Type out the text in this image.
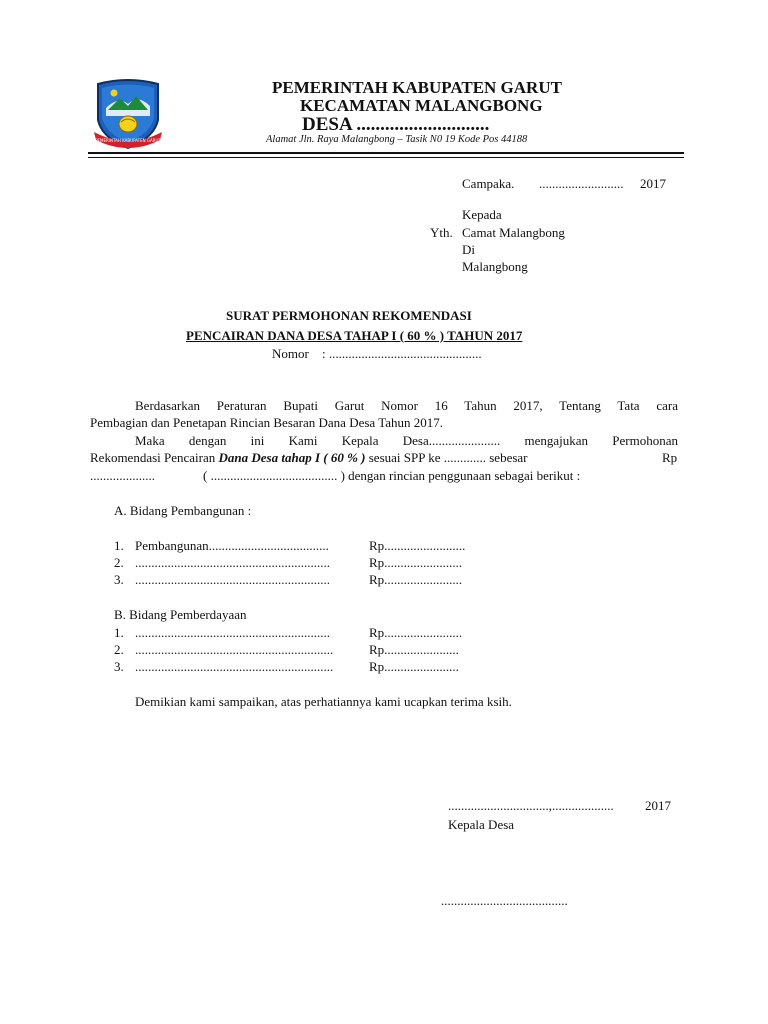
PEMERINTAH KABUPATEN GARUT
PEMERINTAH KABUPATEN GARUT
KECAMATAN MALANGBONG
DESA ............................
Alamat Jln. Raya Malangbong – Tasik N0 19 Kode Pos 44188
Campaka. .......................... 2017
Kepada
Yth. Camat Malangbong
Di
Malangbong
SURAT PERMOHONAN REKOMENDASI
PENCAIRAN DANA DESA TAHAP I ( 60 % ) TAHUN 2017
Nomor : ...............................................
Berdasarkan Peraturan Bupati Garut Nomor 16 Tahun 2017, Tentang Tata cara
Pembagian dan Penetapan Rincian Besaran Dana Desa Tahun 2017.
Maka dengan ini Kami Kepala Desa...................... mengajukan Permohonan
Rekomendasi Pencairan Dana Desa tahap I ( 60 % ) sesuai SPP ke ............. sebesar	Rp
....................	( ....................................... ) dengan rincian penggunaan sebagai berikut :
A. Bidang Pembangunan :
1. Pembangunan.....................................	Rp.........................
2. ............................................................	Rp........................
3. ............................................................	Rp........................
B. Bidang Pemberdayaan
1. ............................................................	Rp........................
2. .............................................................	Rp.......................
3. .............................................................	Rp.......................
Demikian kami sampaikan, atas perhatiannya kami ucapkan terima ksih.
...............................,................... 2017
Kepala Desa
.......................................
